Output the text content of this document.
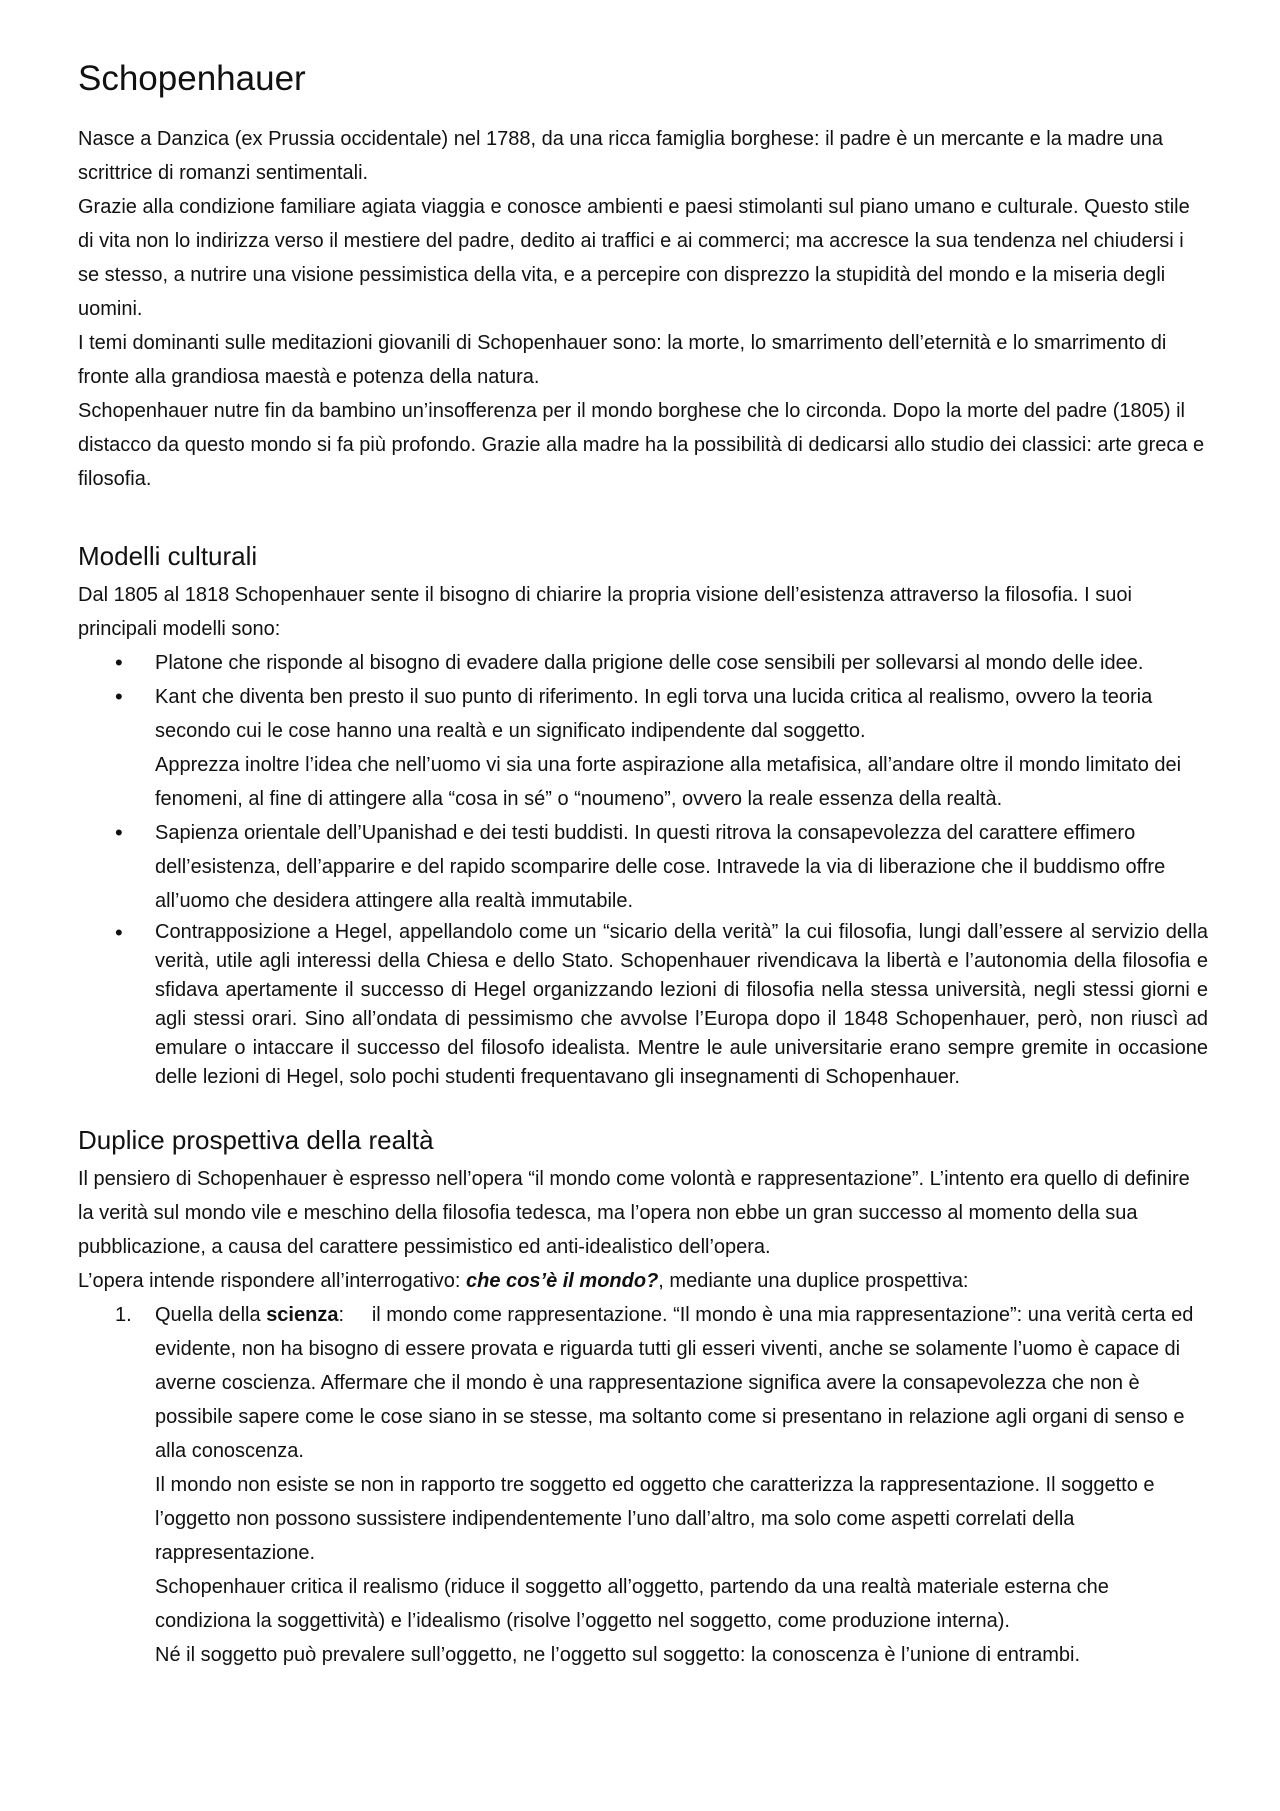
Schopenhauer

Nasce a Danzica (ex Prussia occidentale) nel 1788, da una ricca famiglia borghese: il padre è un mercante e la madre una scrittrice di romanzi sentimentali.

Grazie alla condizione familiare agiata viaggia e conosce ambienti e paesi stimolanti sul piano umano e culturale. Questo stile di vita non lo indirizza verso il mestiere del padre, dedito ai traffici e ai commerci; ma accresce la sua tendenza nel chiudersi i se stesso, a nutrire una visione pessimistica della vita, e a percepire con disprezzo la stupidità del mondo e la miseria degli uomini.

I temi dominanti sulle meditazioni giovanili di Schopenhauer sono: la morte, lo smarrimento dell’eternità e lo smarrimento di fronte alla grandiosa maestà e potenza della natura.

Schopenhauer nutre fin da bambino un’insofferenza per il mondo borghese che lo circonda. Dopo la morte del padre (1805) il distacco da questo mondo si fa più profondo. Grazie alla madre ha la possibilità di dedicarsi allo studio dei classici: arte greca e filosofia.

Modelli culturali

Dal 1805 al 1818 Schopenhauer sente il bisogno di chiarire la propria visione dell’esistenza attraverso la filosofia. I suoi principali modelli sono:

• Platone che risponde al bisogno di evadere dalla prigione delle cose sensibili per sollevarsi al mondo delle idee.
• Kant che diventa ben presto il suo punto di riferimento. In egli torva una lucida critica al realismo, ovvero la teoria secondo cui le cose hanno una realtà e un significato indipendente dal soggetto.
Apprezza inoltre l’idea che nell’uomo vi sia una forte aspirazione alla metafisica, all’andare oltre il mondo limitato dei fenomeni, al fine di attingere alla “cosa in sé” o “noumeno”, ovvero la reale essenza della realtà.
• Sapienza orientale dell’Upanishad e dei testi buddisti. In questi ritrova la consapevolezza del carattere effimero dell’esistenza, dell’apparire e del rapido scomparire delle cose. Intravede la via di liberazione che il buddismo offre all’uomo che desidera attingere alla realtà immutabile.
• Contrapposizione a Hegel, appellandolo come un “sicario della verità” la cui filosofia, lungi dall’essere al servizio della verità, utile agli interessi della Chiesa e dello Stato. Schopenhauer rivendicava la libertà e l’autonomia della filosofia e sfidava apertamente il successo di Hegel organizzando lezioni di filosofia nella stessa università, negli stessi giorni e agli stessi orari. Sino all’ondata di pessimismo che avvolse l’Europa dopo il 1848 Schopenhauer, però, non riuscì ad emulare o intaccare il successo del filosofo idealista. Mentre le aule universitarie erano sempre gremite in occasione delle lezioni di Hegel, solo pochi studenti frequentavano gli insegnamenti di Schopenhauer.
Duplice prospettiva della realtà

Il pensiero di Schopenhauer è espresso nell’opera “il mondo come volontà e rappresentazione”. L’intento era quello di definire la verità sul mondo vile e meschino della filosofia tedesca, ma l’opera non ebbe un gran successo al momento della sua pubblicazione, a causa del carattere pessimistico ed anti-idealistico dell’opera.

L’opera intende rispondere all’interrogativo: che cos’è il mondo?, mediante una duplice prospettiva:

1. Quella della scienza: il mondo come rappresentazione. “Il mondo è una mia rappresentazione”: una verità certa ed evidente, non ha bisogno di essere provata e riguarda tutti gli esseri viventi, anche se solamente l’uomo è capace di averne coscienza. Affermare che il mondo è una rappresentazione significa avere la consapevolezza che non è possibile sapere come le cose siano in se stesse, ma soltanto come si presentano in relazione agli organi di senso e alla conoscenza.
Il mondo non esiste se non in rapporto tre soggetto ed oggetto che caratterizza la rappresentazione. Il soggetto e l’oggetto non possono sussistere indipendentemente l’uno dall’altro, ma solo come aspetti correlati della rappresentazione.
Schopenhauer critica il realismo (riduce il soggetto all’oggetto, partendo da una realtà materiale esterna che condiziona la soggettività) e l’idealismo (risolve l’oggetto nel soggetto, come produzione interna).
Né il soggetto può prevalere sull’oggetto, ne l’oggetto sul soggetto: la conoscenza è l’unione di entrambi.
